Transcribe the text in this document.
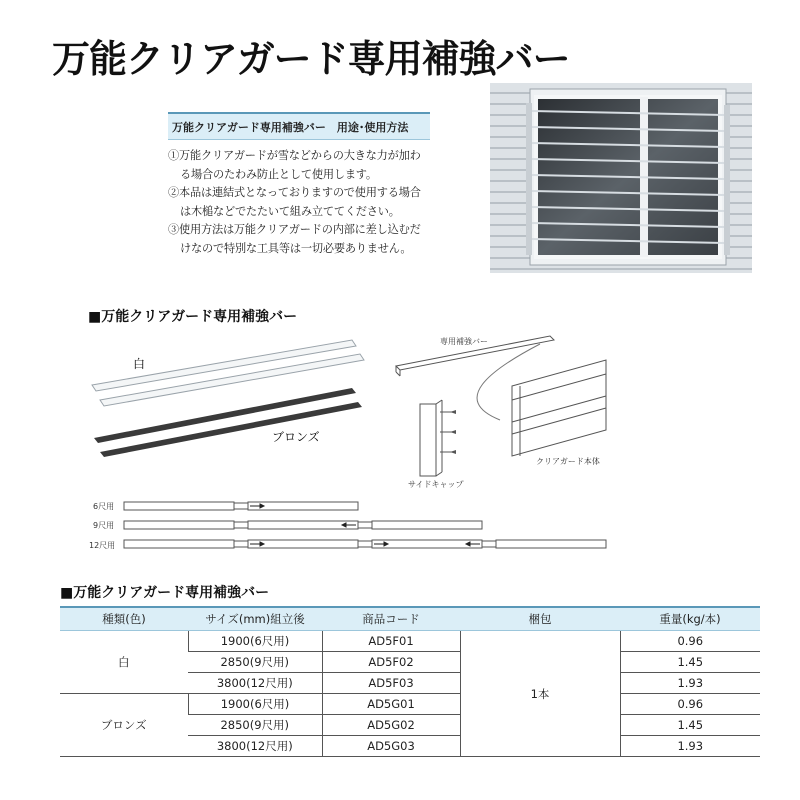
万能クリアガード専用補強バー
万能クリアガード専用補強バー　用途･使用方法
①万能クリアガードが雪などからの大きな力が加わる場合のたわみ防止として使用します。
②本品は連結式となっておりますので使用する場合は木槌などでたたいて組み立ててください。
③使用方法は万能クリアガードの内部に差し込むだけなので特別な工具等は一切必要ありません。
■万能クリアガード専用補強バー
白
ブロンズ
専用補強バー
サイドキャップ
クリアガード本体
6尺用
9尺用
12尺用
■万能クリアガード専用補強バー
種類(色)	サイズ(mm)組立後	商品コード	梱包	重量(kg/本)
白	1900(6尺用)	AD5F01	1本	0.96
	2850(9尺用)	AD5F02		1.45
	3800(12尺用)	AD5F03		1.93
ブロンズ	1900(6尺用)	AD5G01		0.96
	2850(9尺用)	AD5G02		1.45
	3800(12尺用)	AD5G03		1.93
